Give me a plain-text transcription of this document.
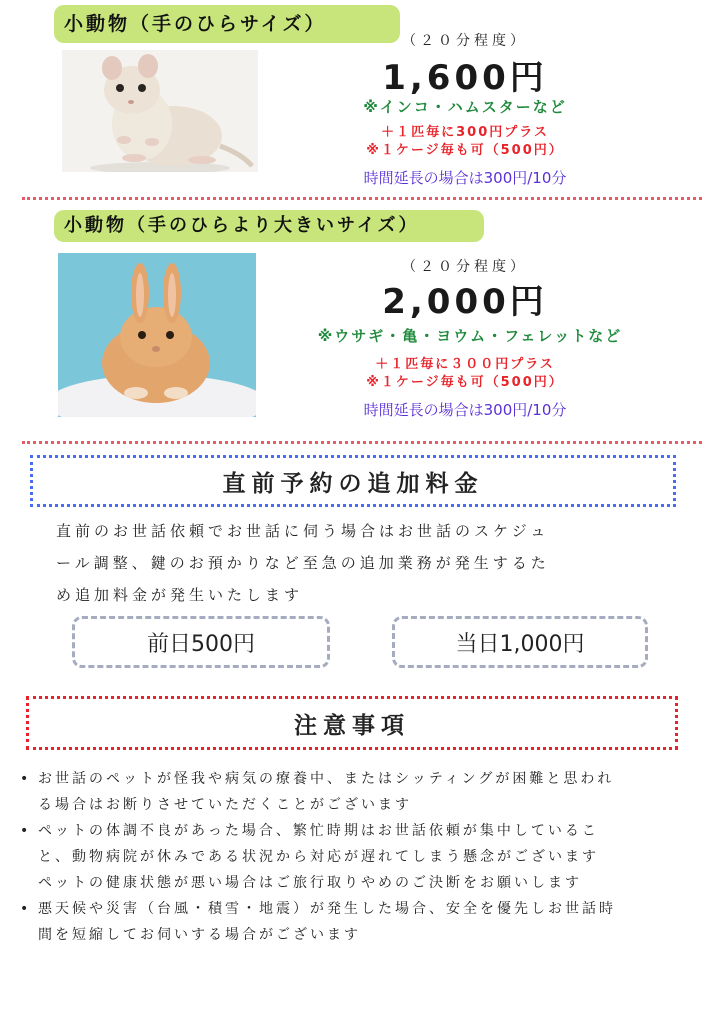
小動物（手のひらサイズ）
（２０分程度）
1,600円
※インコ・ハムスターなど
＋１匹毎に300円プラス
※１ケージ毎も可（500円）
時間延長の場合は300円/10分
小動物（手のひらより大きいサイズ）
（２０分程度）
2,000円
※ウサギ・亀・ヨウム・フェレットなど
＋１匹毎に３００円プラス
※１ケージ毎も可（500円）
時間延長の場合は300円/10分
直前予約の追加料金
直前のお世話依頼でお世話に伺う場合はお世話のスケジュ
ール調整、鍵のお預かりなど至急の追加業務が発生するた
め追加料金が発生いたします
前日500円	当日1,000円
注意事項
• お世話のペットが怪我や病気の療養中、またはシッティングが困難と思われ
る場合はお断りさせていただくことがございます
• ペットの体調不良があった場合、繁忙時期はお世話依頼が集中しているこ
と、動物病院が休みである状況から対応が遅れてしまう懸念がございます
ペットの健康状態が悪い場合はご旅行取りやめのご決断をお願いします
• 悪天候や災害（台風・積雪・地震）が発生した場合、安全を優先しお世話時
間を短縮してお伺いする場合がございます
